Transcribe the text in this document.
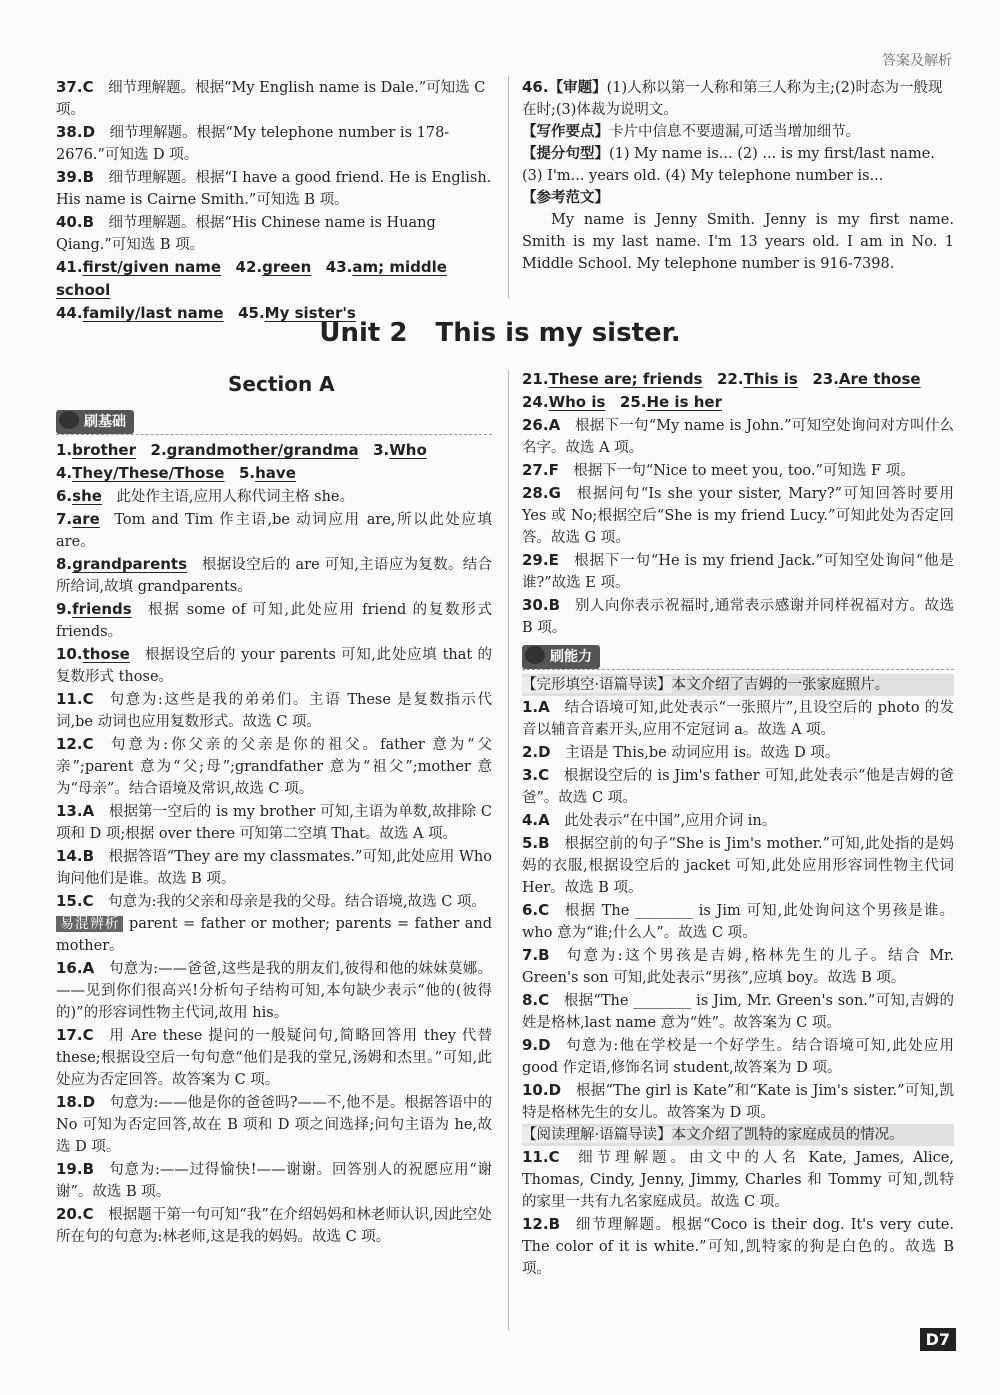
答案及解析

37.C  细节理解题。根据“My English name is Dale.”可知选 C 项。

38.D  细节理解题。根据“My telephone number is 178-2676.”可知选 D 项。

39.B  细节理解题。根据“I have a good friend. He is English. His name is Cairne Smith.”可知选 B 项。

40.B  细节理解题。根据“His Chinese name is Huang Qiang.”可知选 B 项。

41.first/given name  42.green  43.am; middle school 

44.family/last name  45.My sister's 

46.【审题】(1)人称以第一人称和第三人称为主;(2)时态为一般现在时;(3)体裁为说明文。

【写作要点】卡片中信息不要遗漏,可适当增加细节。

【提分句型】(1) My name is... (2) ... is my first/last name. (3) I'm... years old. (4) My telephone number is...

【参考范文】

My name is Jenny Smith. Jenny is my first name. Smith is my last name. I'm 13 years old. I am in No. 1 Middle School. My telephone number is 916-7398.

Unit 2 This is my sister.
Section A
刷基础

1.brother  2.grandmother/grandma  3.Who 

4.They/These/Those  5.have 

6.she  此处作主语,应用人称代词主格 she。

7.are  Tom and Tim 作主语,be 动词应用 are,所以此处应填 are。

8.grandparents  根据设空后的 are 可知,主语应为复数。结合所给词,故填 grandparents。

9.friends  根据 some of 可知,此处应用 friend 的复数形式 friends。

10.those  根据设空后的 your parents 可知,此处应填 that 的复数形式 those。

11.C  句意为:这些是我的弟弟们。主语 These 是复数指示代词,be 动词也应用复数形式。故选 C 项。

12.C  句意为:你父亲的父亲是你的祖父。father 意为“父亲”;parent 意为“父;母”;grandfather 意为“祖父”;mother 意为“母亲”。结合语境及常识,故选 C 项。

13.A  根据第一空后的 is my brother 可知,主语为单数,故排除 C 项和 D 项;根据 over there 可知第二空填 That。故选 A 项。

14.B  根据答语“They are my classmates.”可知,此处应用 Who 询问他们是谁。故选 B 项。

15.C  句意为:我的父亲和母亲是我的父母。结合语境,故选 C 项。

易混辨析 parent = father or mother; parents = father and mother。

16.A  句意为:——爸爸,这些是我的朋友们,彼得和他的妹妹莫娜。——见到你们很高兴!分析句子结构可知,本句缺少表示“他的(彼得的)”的形容词性物主代词,故用 his。

17.C  用 Are these 提问的一般疑问句,简略回答用 they 代替 these;根据设空后一句句意“他们是我的堂兄,汤姆和杰里。”可知,此处应为否定回答。故答案为 C 项。

18.D  句意为:——他是你的爸爸吗?——不,他不是。根据答语中的 No 可知为否定回答,故在 B 项和 D 项之间选择;问句主语为 he,故选 D 项。

19.B  句意为:——过得愉快!——谢谢。回答别人的祝愿应用“谢谢”。故选 B 项。

20.C  根据题干第一句可知“我”在介绍妈妈和林老师认识,因此空处所在句的句意为:林老师,这是我的妈妈。故选 C 项。

21.These are; friends  22.This is  23.Are those 

24.Who is  25.He is her 

26.A  根据下一句“My name is John.”可知空处询问对方叫什么名字。故选 A 项。

27.F  根据下一句“Nice to meet you, too.”可知选 F 项。

28.G  根据问句“Is she your sister, Mary?”可知回答时要用 Yes 或 No;根据空后“She is my friend Lucy.”可知此处为否定回答。故选 G 项。

29.E  根据下一句“He is my friend Jack.”可知空处询问“他是谁?”故选 E 项。

30.B  别人向你表示祝福时,通常表示感谢并同样祝福对方。故选 B 项。

刷能力

【完形填空·语篇导读】本文介绍了吉姆的一张家庭照片。

1.A  结合语境可知,此处表示“一张照片”,且设空后的 photo 的发音以辅音音素开头,应用不定冠词 a。故选 A 项。

2.D  主语是 This,be 动词应用 is。故选 D 项。

3.C  根据设空后的 is Jim's father 可知,此处表示“他是吉姆的爸爸”。故选 C 项。

4.A  此处表示“在中国”,应用介词 in。

5.B  根据空前的句子“She is Jim's mother.”可知,此处指的是妈妈的衣服,根据设空后的 jacket 可知,此处应用形容词性物主代词 Her。故选 B 项。

6.C  根据 The ________ is Jim 可知,此处询问这个男孩是谁。who 意为“谁;什么人”。故选 C 项。

7.B  句意为:这个男孩是吉姆,格林先生的儿子。结合 Mr. Green's son 可知,此处表示“男孩”,应填 boy。故选 B 项。

8.C  根据“The ________ is Jim, Mr. Green's son.”可知,吉姆的姓是格林,last name 意为“姓”。故答案为 C 项。

9.D  句意为:他在学校是一个好学生。结合语境可知,此处应用 good 作定语,修饰名词 student,故答案为 D 项。

10.D  根据“The girl is Kate”和“Kate is Jim's sister.”可知,凯特是格林先生的女儿。故答案为 D 项。

【阅读理解·语篇导读】本文介绍了凯特的家庭成员的情况。

11.C  细节理解题。由文中的人名 Kate, James, Alice, Thomas, Cindy, Jenny, Jimmy, Charles 和 Tommy 可知,凯特的家里一共有九名家庭成员。故选 C 项。

12.B  细节理解题。根据“Coco is their dog. It's very cute. The color of it is white.”可知,凯特家的狗是白色的。故选 B 项。

D7
